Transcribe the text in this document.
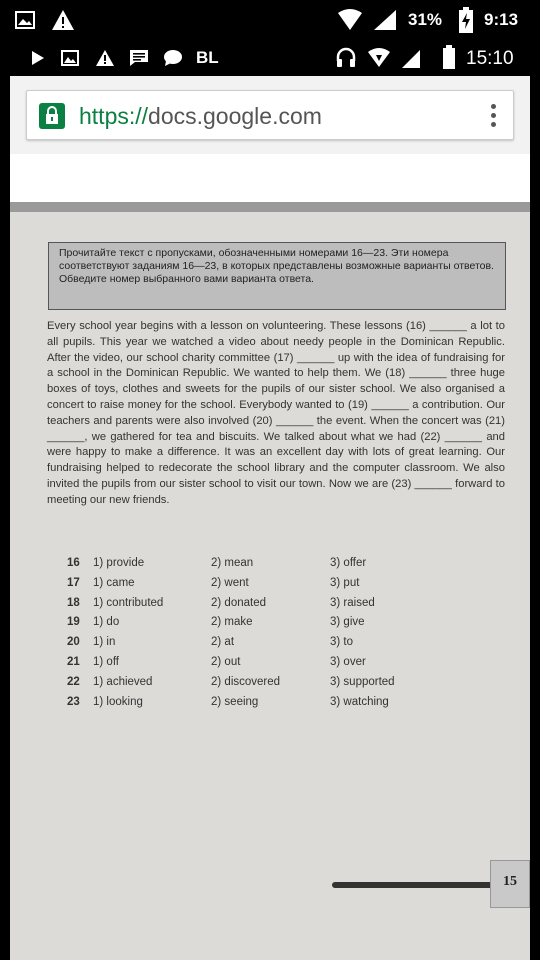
31% 9:13
BL	15:10
https://docs.google.com
Прочитайте текст с пропусками, обозначенными номерами 16—23. Эти номера соответствуют заданиям 16—23, в которых представлены возможные варианты ответов. Обведите номер выбранного вами варианта ответа.
Every school year begins with a lesson on volunteering. These lessons (16) ______ a lot to all pupils. This year we watched a video about needy people in the Dominican Republic. After the video, our school charity committee (17) ______ up with the idea of fundraising for a school in the Dominican Republic. We wanted to help them. We (18) ______ three huge boxes of toys, clothes and sweets for the pupils of our sister school. We also organised a concert to raise money for the school. Everybody wanted to (19) ______ a contribution. Our teachers and parents were also involved (20) ______ the event. When the concert was (21) ______, we gathered for tea and biscuits. We talked about what we had (22) ______ and were happy to make a difference. It was an excellent day with lots of great learning. Our fundraising helped to redecorate the school library and the computer classroom. We also invited the pupils from our sister school to visit our town. Now we are (23) ______ forward to meeting our new friends.
16 1) provide	2) mean	3) offer
17 1) came	2) went	3) put
18 1) contributed	2) donated	3) raised
19 1) do	2) make	3) give
20 1) in	2) at	3) to
21 1) off	2) out	3) over
22 1) achieved	2) discovered	3) supported
23 1) looking	2) seeing	3) watching
15
